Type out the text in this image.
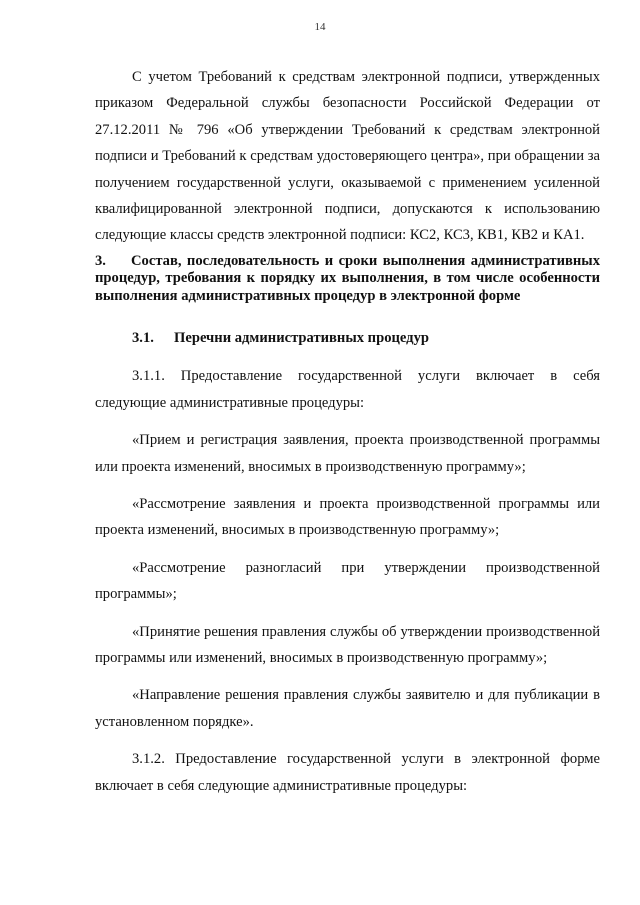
14

С учетом Требований к средствам электронной подписи, утвержденных приказом Федеральной службы безопасности Российской Федерации от 27.12.2011 № 796 «Об утверждении Требований к средствам электронной подписи и Требований к средствам удостоверяющего центра», при обращении за получением государственной услуги, оказываемой с применением усиленной квалифицированной электронной подписи, допускаются к использованию следующие классы средств электронной подписи: КС2, КС3, КВ1, КВ2 и КА1.

3. Состав, последовательность и сроки выполнения административных процедур, требования к порядку их выполнения, в том числе особенности выполнения административных процедур в электронной форме

3.1. Перечни административных процедур

3.1.1. Предоставление государственной услуги включает в себя следующие административные процедуры:

«Прием и регистрация заявления, проекта производственной программы или проекта изменений, вносимых в производственную программу»;

«Рассмотрение заявления и проекта производственной программы или проекта изменений, вносимых в производственную программу»;

«Рассмотрение разногласий при утверждении производственной программы»;

«Принятие решения правления службы об утверждении производственной программы или изменений, вносимых в производственную программу»;

«Направление решения правления службы заявителю и для публикации в установленном порядке».

3.1.2. Предоставление государственной услуги в электронной форме включает в себя следующие административные процедуры:
